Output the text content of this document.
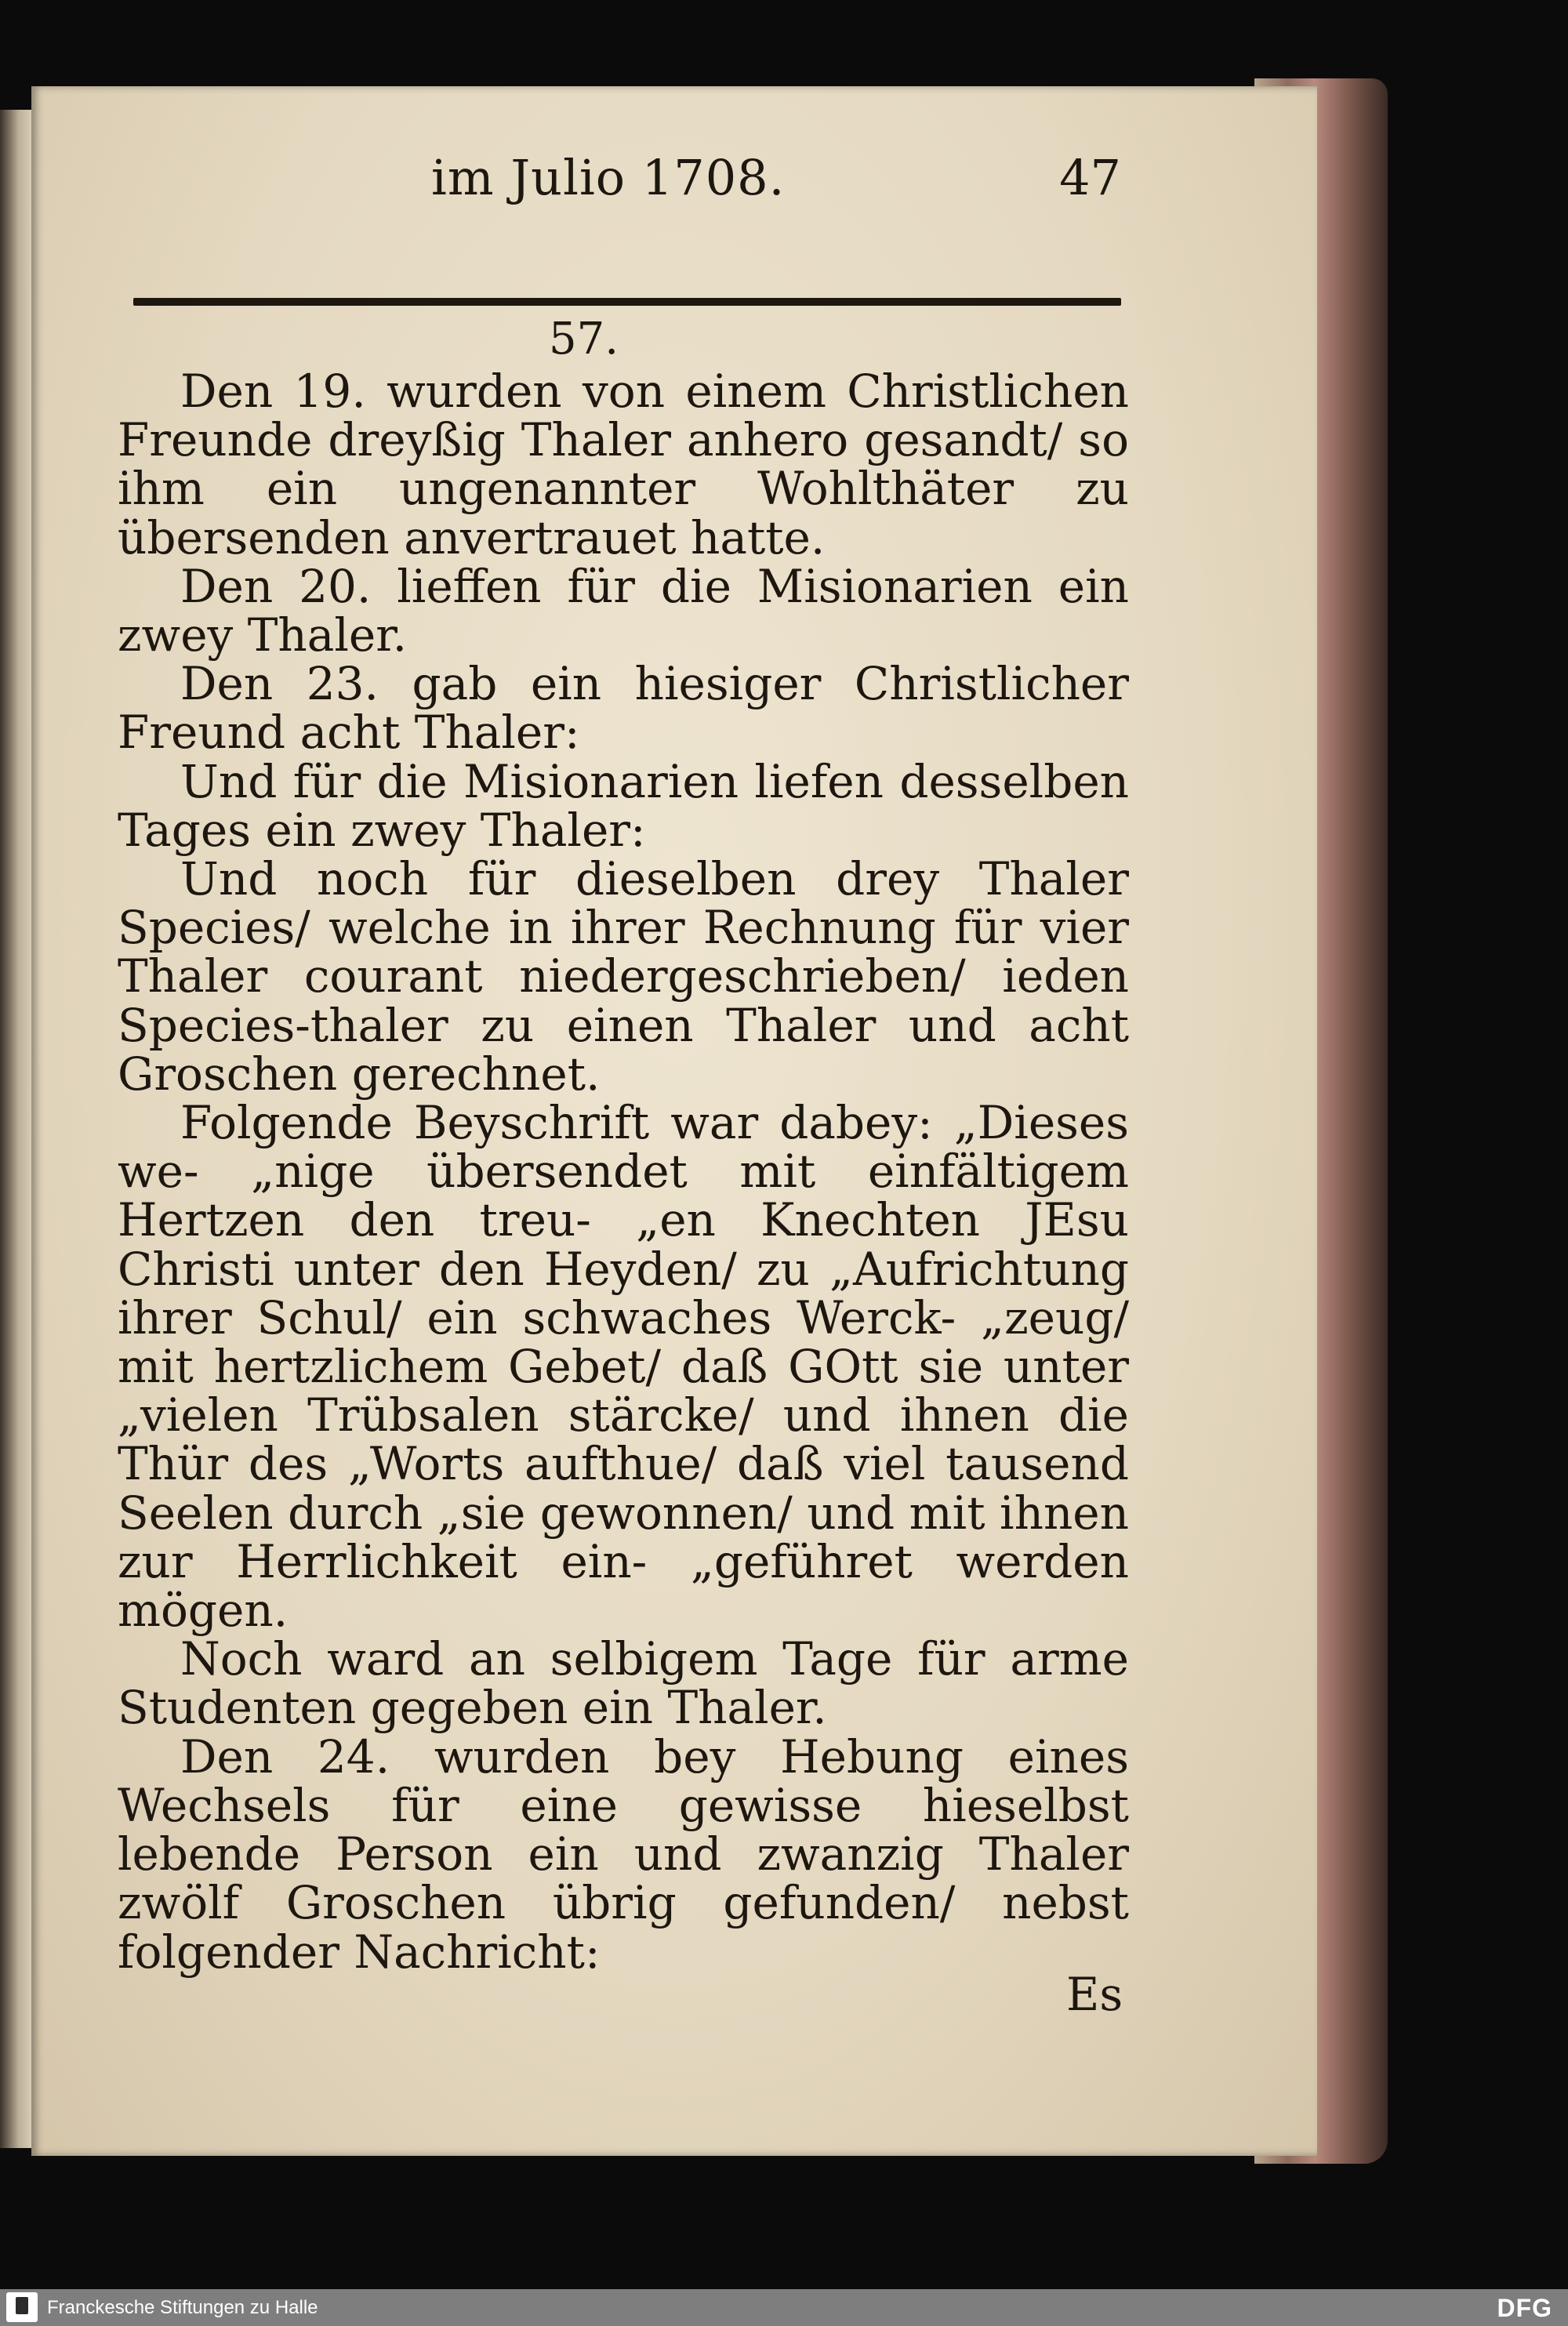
im Julio 1708.	47
57.

Den 19. wurden von einem Christlichen Freunde dreyßig Thaler anhero gesandt/ so ihm ein ungenannter Wohlthäter zu übersenden anvertrauet hatte.

Den 20. lieffen für die Misionarien ein zwey Thaler.

Den 23. gab ein hiesiger Christlicher Freund acht Thaler:

Und für die Misionarien liefen desselben Tages ein zwey Thaler:

Und noch für dieselben drey Thaler Species/ welche in ihrer Rechnung für vier Thaler courant niedergeschrieben/ ieden Species-thaler zu einen Thaler und acht Groschen gerechnet.

Folgende Beyschrift war dabey: „Dieses we- „nige übersendet mit einfältigem Hertzen den treu- „en Knechten JEsu Christi unter den Heyden/ zu „Aufrichtung ihrer Schul/ ein schwaches Werck- „zeug/ mit hertzlichem Gebet/ daß GOtt sie unter „vielen Trübsalen stärcke/ und ihnen die Thür des „Worts aufthue/ daß viel tausend Seelen durch „sie gewonnen/ und mit ihnen zur Herrlichkeit ein- „geführet werden mögen.

Noch ward an selbigem Tage für arme Studenten gegeben ein Thaler.

Den 24. wurden bey Hebung eines Wechsels für eine gewisse hieselbst lebende Person ein und zwanzig Thaler zwölf Groschen übrig gefunden/ nebst folgender Nachricht:

Es
Franckesche Stiftungen zu Halle	DFG
